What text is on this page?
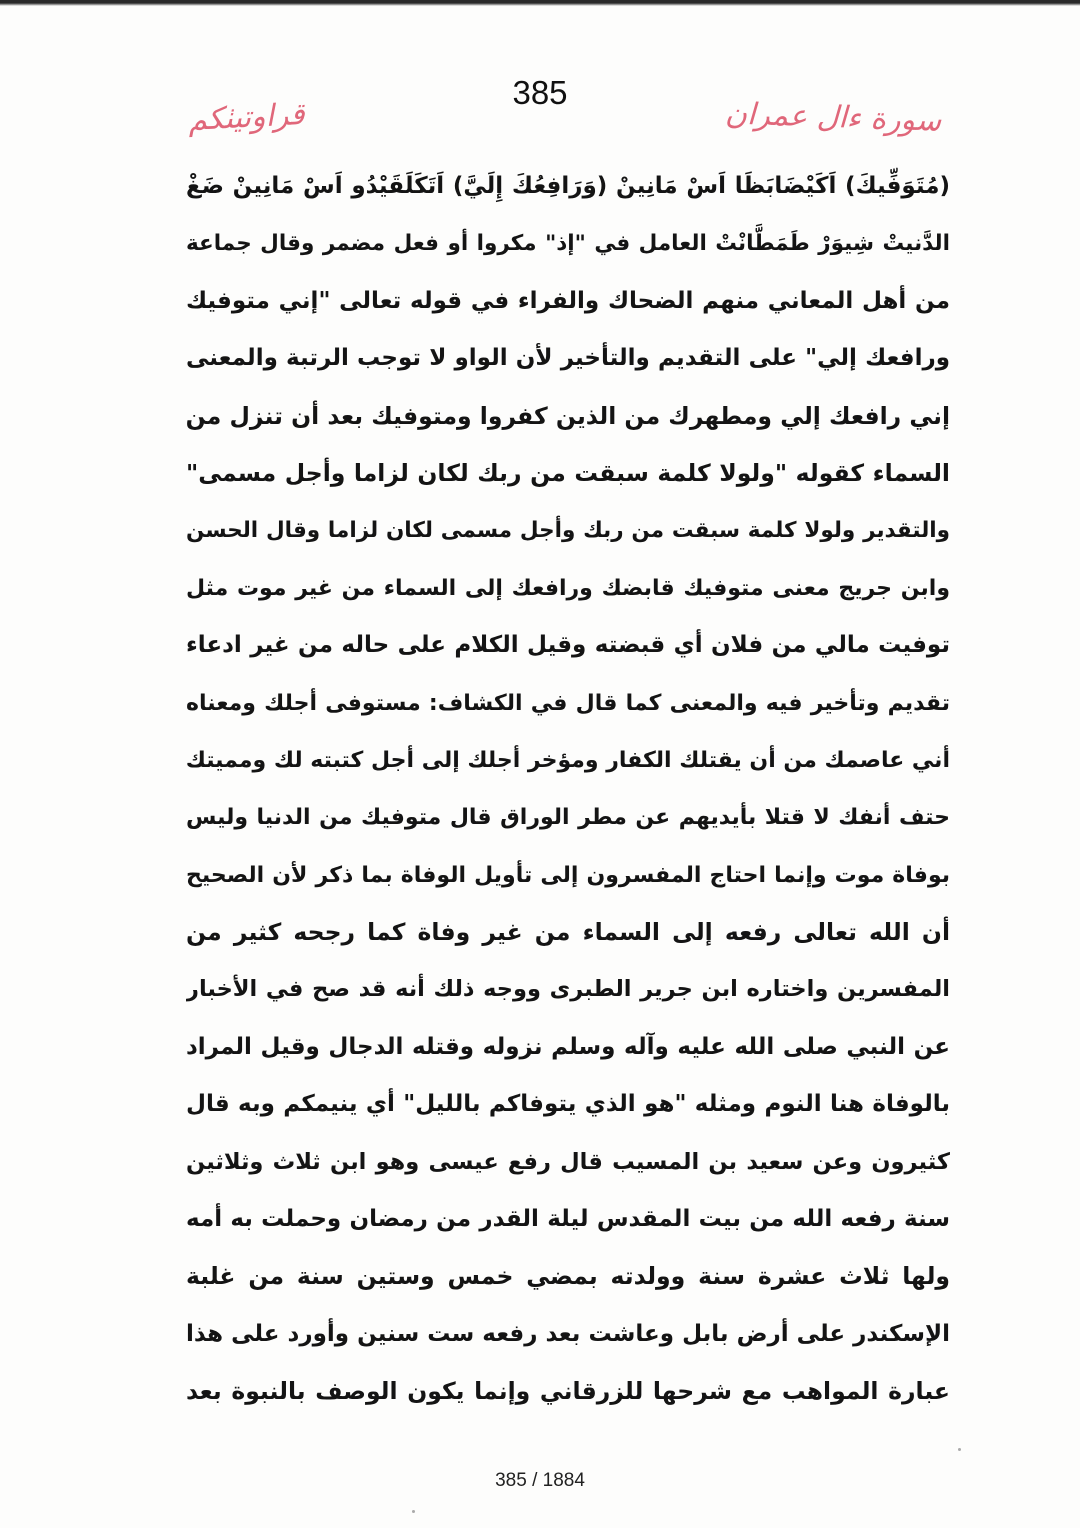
385
قراوتيٺكم	سورة ءال عمران
(مُتَوَفِّيكَ) اَكَيْضَابَظَا اَسْ مَانِينْ (وَرَافِعُكَ إِلَيَّ) اَتَكَلَقَيْدُو اَسْ مَانِينْ ضَغْ
الدَّنيتْ شِيوَرْ طَمَطَّانْتْ العامل في "إذ" مكروا أو فعل مضمر وقال جماعة
من أهل المعاني منهم الضحاك والفراء في قوله تعالى "إني متوفيك
ورافعك إلي" على التقديم والتأخير لأن الواو لا توجب الرتبة والمعنى
إني رافعك إلي ومطهرك من الذين كفروا ومتوفيك بعد أن تنزل من
السماء كقوله "ولولا كلمة سبقت من ربك لكان لزاما وأجل مسمى"
والتقدير ولولا كلمة سبقت من ربك وأجل مسمى لكان لزاما وقال الحسن
وابن جريج معنى متوفيك قابضك ورافعك إلى السماء من غير موت مثل
توفيت مالي من فلان أي قبضته وقيل الكلام على حاله من غير ادعاء
تقديم وتأخير فيه والمعنى كما قال في الكشاف: مستوفى أجلك ومعناه
أني عاصمك من أن يقتلك الكفار ومؤخر أجلك إلى أجل كتبته لك ومميتك
حتف أنفك لا قتلا بأيديهم عن مطر الوراق قال متوفيك من الدنيا وليس
بوفاة موت وإنما احتاج المفسرون إلى تأويل الوفاة بما ذكر لأن الصحيح
أن الله تعالى رفعه إلى السماء من غير وفاة كما رجحه كثير من
المفسرين واختاره ابن جرير الطبرى ووجه ذلك أنه قد صح في الأخبار
عن النبي صلى الله عليه وآله وسلم نزوله وقتله الدجال وقيل المراد
بالوفاة هنا النوم ومثله "هو الذي يتوفاكم بالليل" أي ينيمكم وبه قال
كثيرون وعن سعيد بن المسيب قال رفع عيسى وهو ابن ثلاث وثلاثين
سنة رفعه الله من بيت المقدس ليلة القدر من رمضان وحملت به أمه
ولها ثلاث عشرة سنة وولدته بمضي خمس وستين سنة من غلبة
الإسكندر على أرض بابل وعاشت بعد رفعه ست سنين وأورد على هذا
عبارة المواهب مع شرحها للزرقاني وإنما يكون الوصف بالنبوة بعد
385 / 1884
